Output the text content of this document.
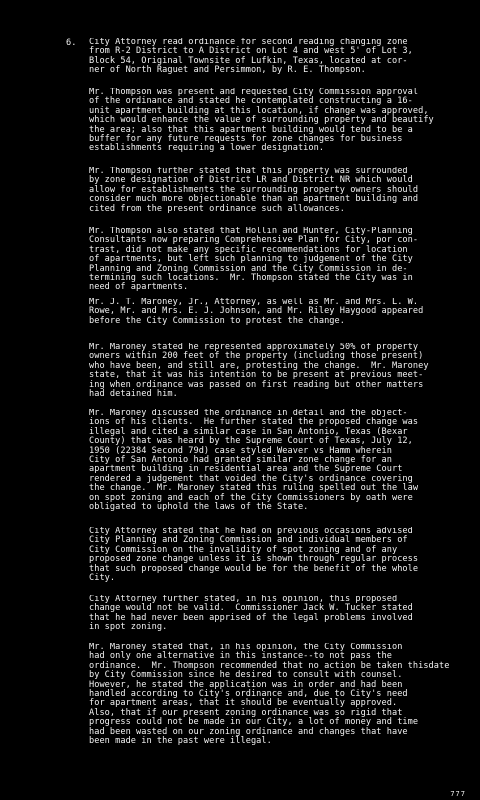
6. City Attorney read ordinance for second reading changing zone
from R-2 District to A District on Lot 4 and west 5' of Lot 3,
Block 54, Original Townsite of Lufkin, Texas, located at cor-
ner of North Raguet and Persimmon, by R. E. Thompson.

Mr. Thompson was present and requested City Commission approval
of the ordinance and stated he contemplated constructing a 16-
unit apartment building at this location, if change was approved,
which would enhance the value of surrounding property and beautify
the area; also that this apartment building would tend to be a
buffer for any future requests for zone changes for business
establishments requiring a lower designation.

Mr. Thompson further stated that this property was surrounded
by zone designation of District LR and District NR which would
allow for establishments the surrounding property owners should
consider much more objectionable than an apartment building and
cited from the present ordinance such allowances.

Mr. Thompson also stated that Hollin and Hunter, City-Planning
Consultants now preparing Comprehensive Plan for City, por con-
trast, did not make any specific recommendations for location
of apartments, but left such planning to judgement of the City
Planning and Zoning Commission and the City Commission in de-
termining such locations.  Mr. Thompson stated the City was in
need of apartments.

Mr. J. T. Maroney, Jr., Attorney, as well as Mr. and Mrs. L. W.
Rowe, Mr. and Mrs. E. J. Johnson, and Mr. Riley Haygood appeared
before the City Commission to protest the change.

Mr. Maroney stated he represented approximately 50% of property
owners within 200 feet of the property (including those present)
who have been, and still are, protesting the change.  Mr. Maroney
state, that it was his intention to be present at previous meet-
ing when ordinance was passed on first reading but other matters
had detained him.

Mr. Maroney discussed the ordinance in detail and the object-
ions of his clients.  He further stated the proposed change was
illegal and cited a similar case in San Antonio, Texas (Bexar
County) that was heard by the Supreme Court of Texas, July 12,
1950 (22384 Second 79d) case styled Weaver vs Hamm wherein
City of San Antonio had granted similar zone change for an
apartment building in residential area and the Supreme Court
rendered a judgement that voided the City's ordinance covering
the change.  Mr. Maroney stated this ruling spelled out the law
on spot zoning and each of the City Commissioners by oath were
obligated to uphold the laws of the State.

City Attorney stated that he had on previous occasions advised
City Planning and Zoning Commission and individual members of
City Commission on the invalidity of spot zoning and of any
proposed zone change unless it is shown through regular process
that such proposed change would be for the benefit of the whole
City.

City Attorney further stated, in his opinion, this proposed
change would not be valid.  Commissioner Jack W. Tucker stated
that he had never been apprised of the legal problems involved
in spot zoning.

Mr. Maroney stated that, in his opinion, the City Commission
had only one alternative in this instance--to not pass the
ordinance.  Mr. Thompson recommended that no action be taken thisdate
by City Commission since he desired to consult with counsel.
However, he stated the application was in order and had been
handled according to City's ordinance and, due to City's need
for apartment areas, that it should be eventually approved.
Also, that if our present zoning ordinance was so rigid that
progress could not be made in our City, a lot of money and time
had been wasted on our zoning ordinance and changes that have
been made in the past were illegal.

777
